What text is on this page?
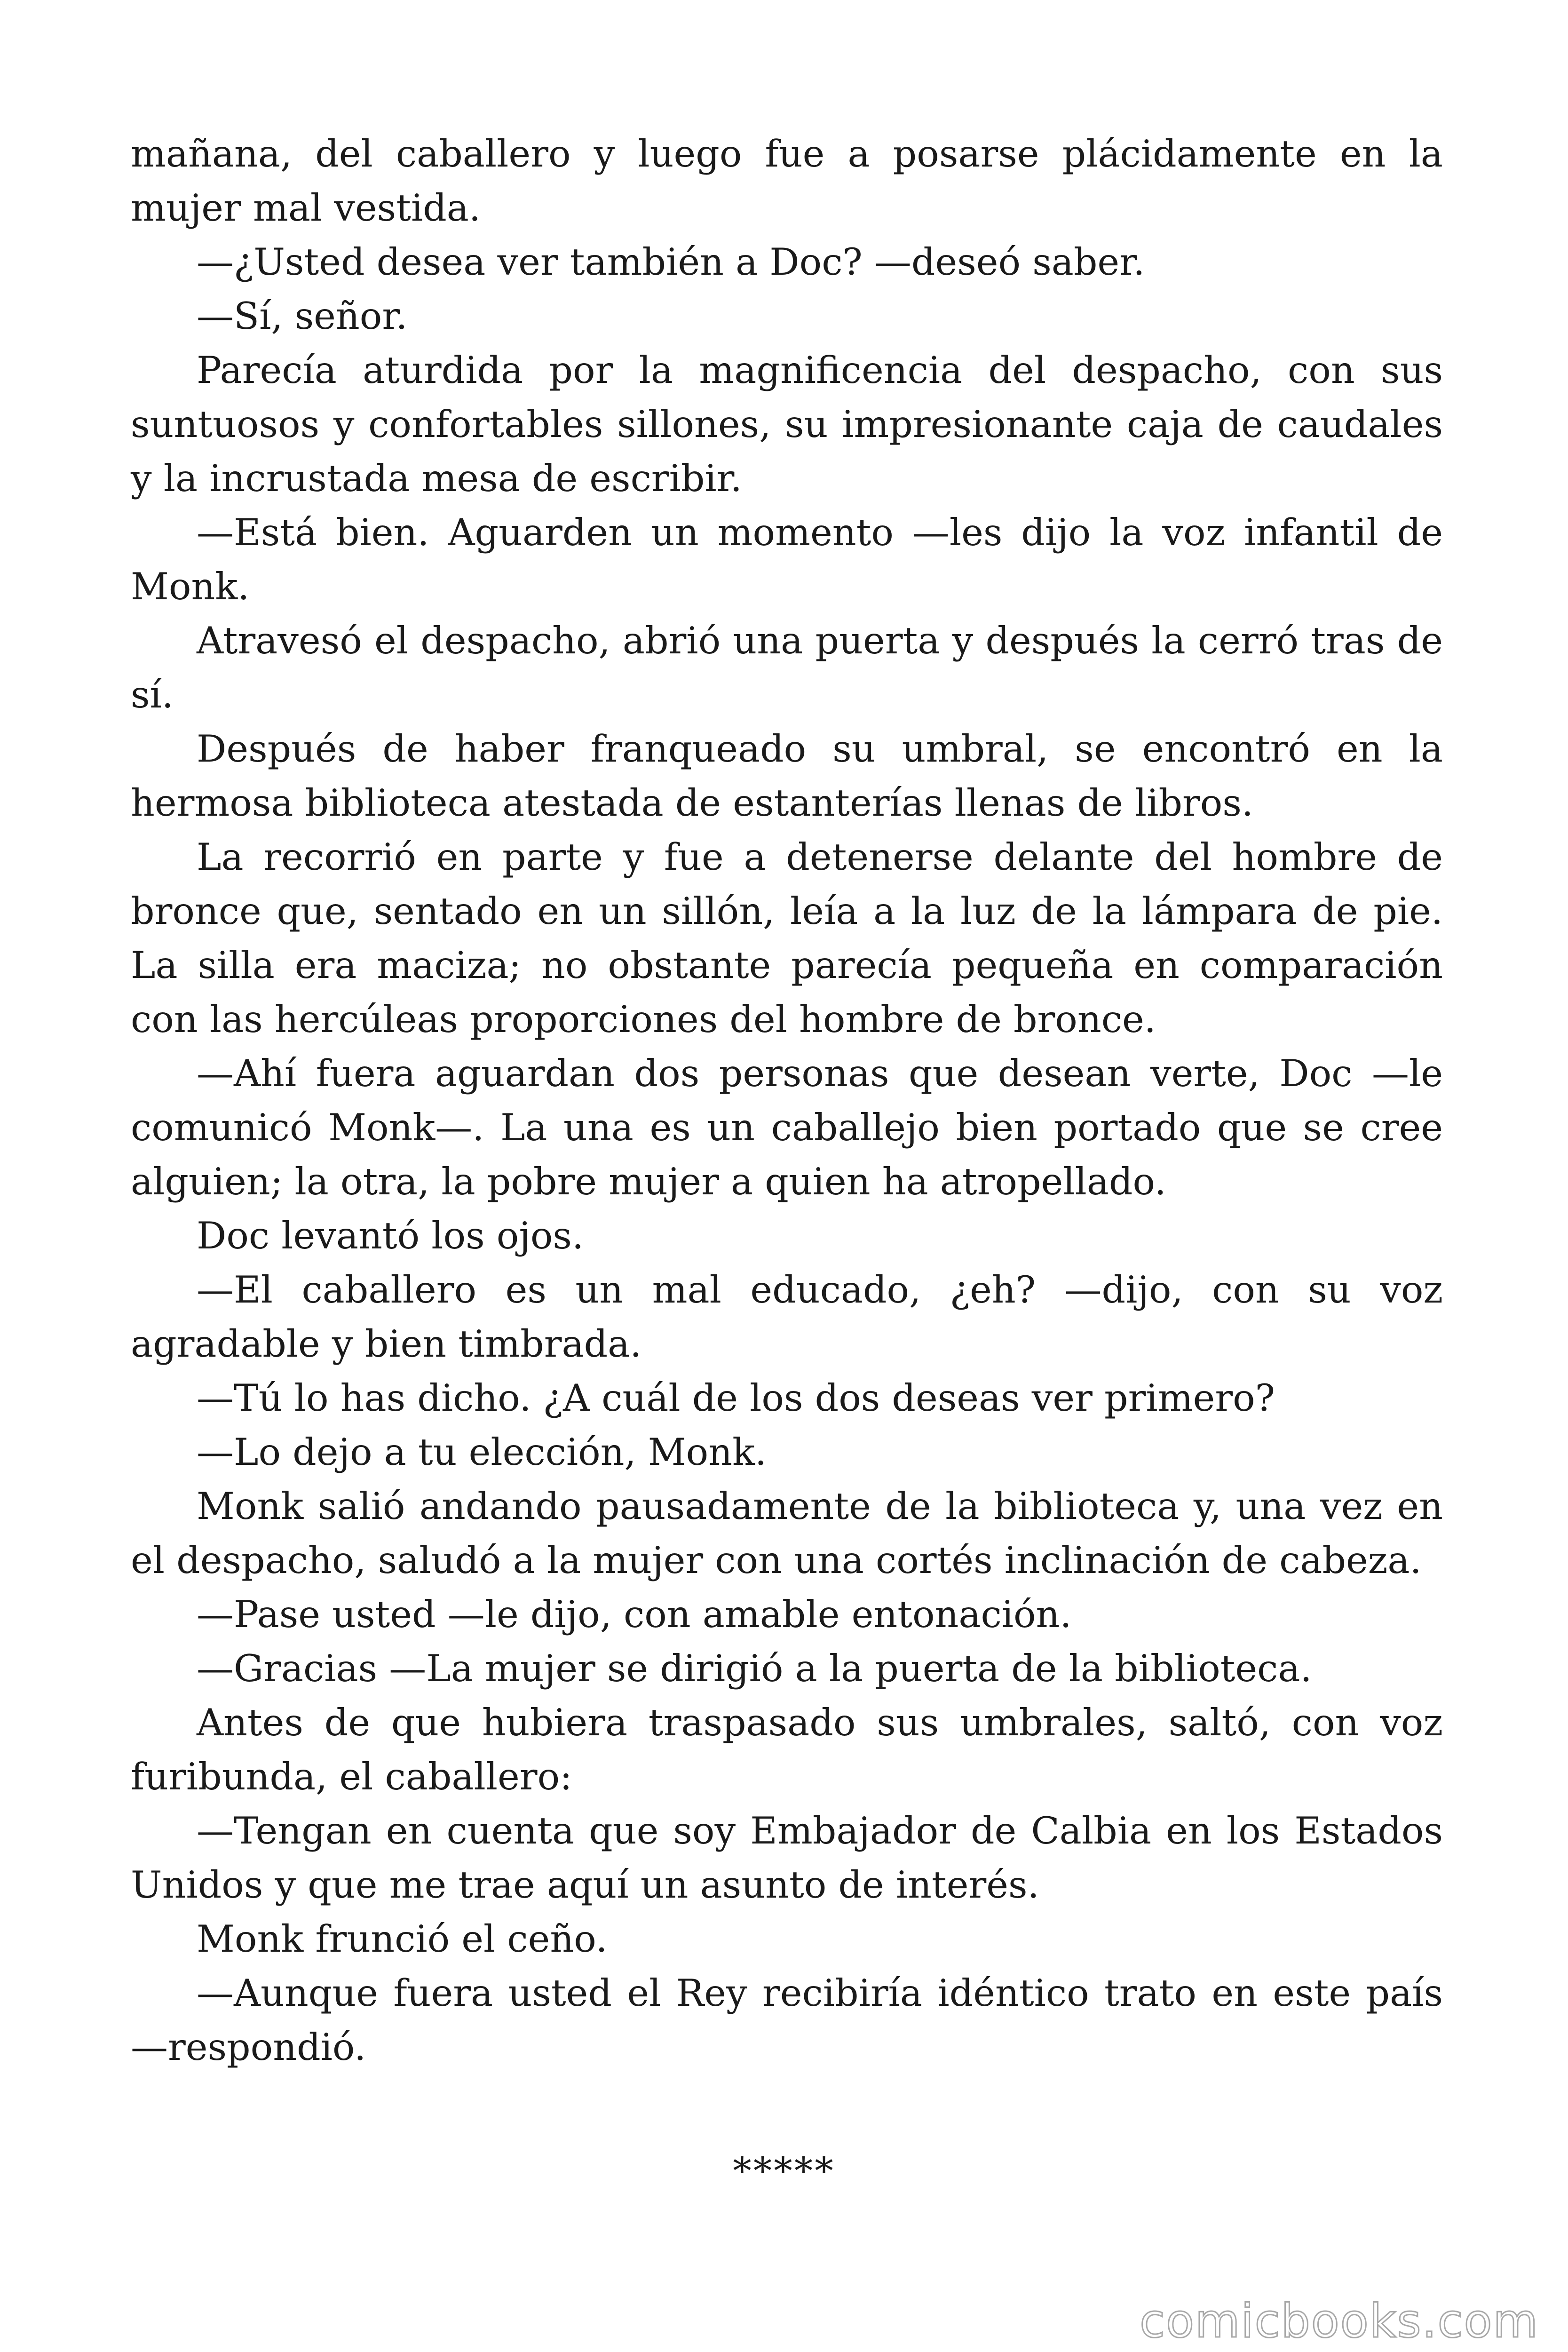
mañana, del caballero y luego fue a posarse plácidamente en la mujer mal vestida.

—¿Usted desea ver también a Doc? —deseó saber.

—Sí, señor.

Parecía aturdida por la magnificencia del despacho, con sus suntuosos y confortables sillones, su impresionante caja de caudales y la incrustada mesa de escribir.

—Está bien. Aguarden un momento —les dijo la voz infantil de Monk.

Atravesó el despacho, abrió una puerta y después la cerró tras de sí.

Después de haber franqueado su umbral, se encontró en la hermosa biblioteca atestada de estanterías llenas de libros.

La recorrió en parte y fue a detenerse delante del hombre de bronce que, sentado en un sillón, leía a la luz de la lámpara de pie. La silla era maciza; no obstante parecía pequeña en comparación con las hercúleas proporciones del hombre de bronce.

—Ahí fuera aguardan dos personas que desean verte, Doc —le comunicó Monk—. La una es un caballejo bien portado que se cree alguien; la otra, la pobre mujer a quien ha atropellado.

Doc levantó los ojos.

—El caballero es un mal educado, ¿eh? —dijo, con su voz agradable y bien timbrada.

—Tú lo has dicho. ¿A cuál de los dos deseas ver primero?

—Lo dejo a tu elección, Monk.

Monk salió andando pausadamente de la biblioteca y, una vez en el despacho, saludó a la mujer con una cortés inclinación de cabeza.

—Pase usted —le dijo, con amable entonación.

—Gracias —La mujer se dirigió a la puerta de la biblioteca.

Antes de que hubiera traspasado sus umbrales, saltó, con voz furibunda, el caballero:

—Tengan en cuenta que soy Embajador de Calbia en los Estados Unidos y que me trae aquí un asunto de interés.

Monk frunció el ceño.

—Aunque fuera usted el Rey recibiría idéntico trato en este país —respondió.

*****
comicbooks.com
